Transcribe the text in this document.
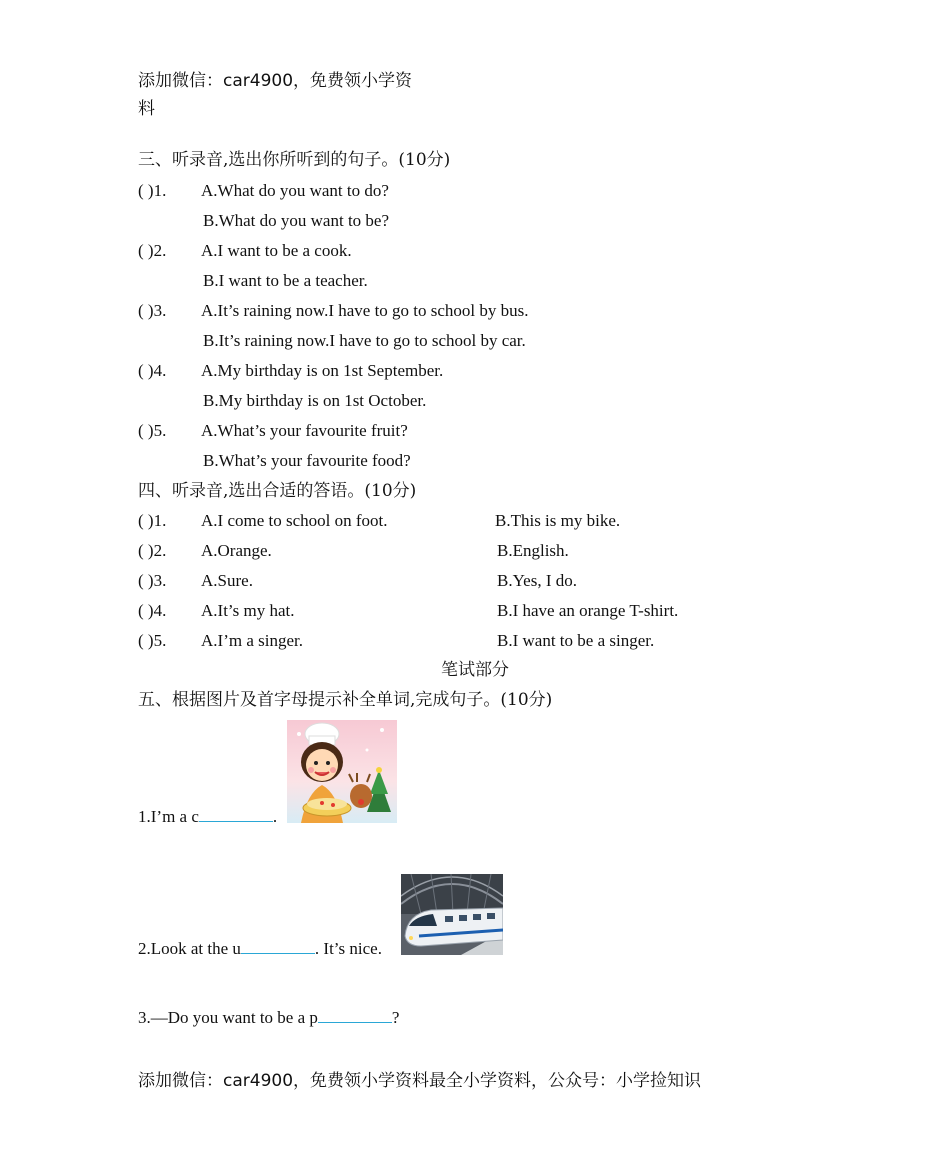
添加微信：car4900，免费领小学资
料
三、听录音,选出你所听到的句子。(10分)
( )1. A.What do you want to do?
B.What do you want to be?
( )2. A.I want to be a cook.
B.I want to be a teacher.
( )3. A.It’s raining now.I have to go to school by bus.
B.It’s raining now.I have to go to school by car.
( )4. A.My birthday is on 1st September.
B.My birthday is on 1st October.
( )5. A.What’s your favourite fruit?
B.What’s your favourite food?
四、听录音,选出合适的答语。(10分)
( )1. A.I come to school on foot.	B.This is my bike.
( )2. A.Orange.	B.English.
( )3. A.Sure.	B.Yes, I do.
( )4. A.It’s my hat.	B.I have an orange T-shirt.
( )5. A.I’m a singer.	B.I want to be a singer.
笔试部分
五、根据图片及首字母提示补全单词,完成句子。(10分)
1.I’m a c	.
2.Look at the u	. It’s nice.
3.—Do you want to be a p	?
添加微信：car4900，免费领小学资料最全小学资料，公众号：小学捡知识
